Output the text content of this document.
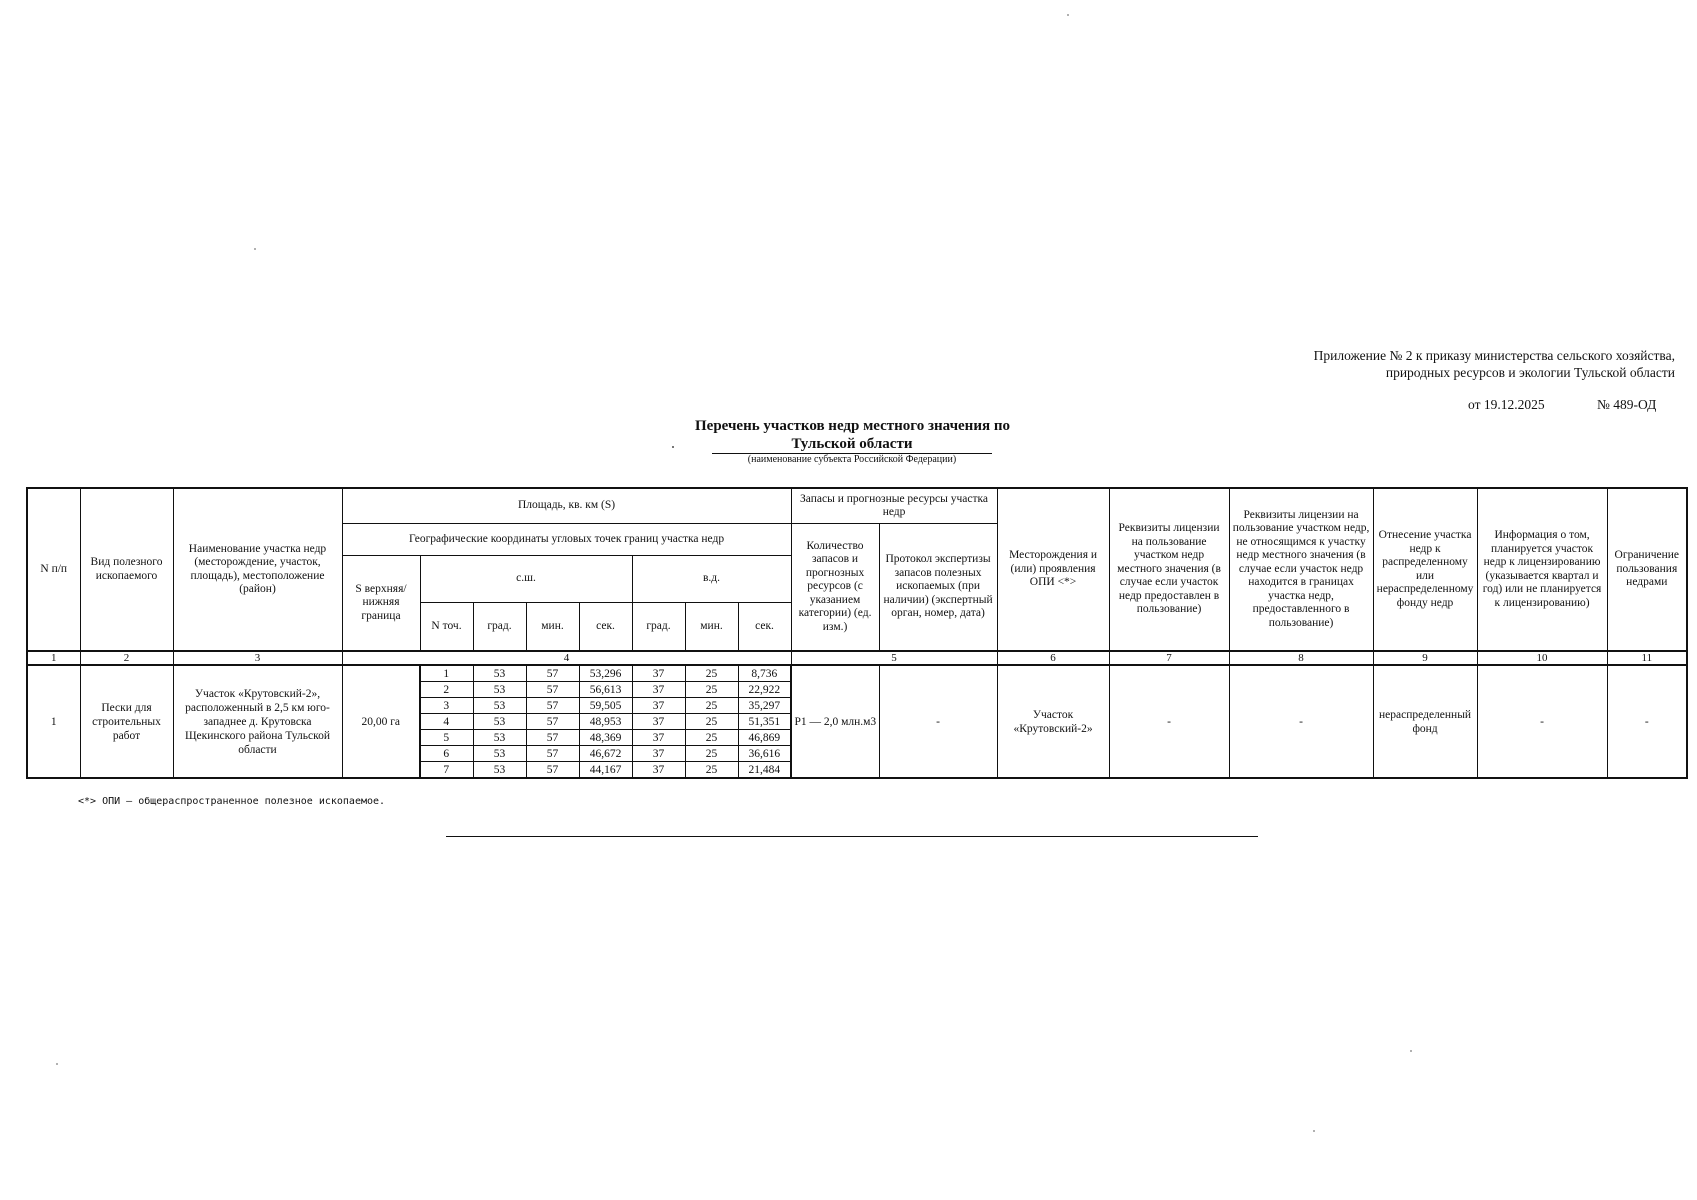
Приложение № 2 к приказу министерства сельского хозяйства,
природных ресурсов и экологии Тульской области
от 19.12.2025	№ 489-ОД
Перечень участков недр местного значения по
Тульской области
(наименование субъекта Российской Федерации)
N п/п	Вид полезного ископаемого	Наименование участка недр (месторождение, участок, площадь), местоположение (район)	Площадь, кв. км (S)								Запасы и прогнозные ресурсы участка недр		Месторождения и (или) проявления ОПИ <*>	Реквизиты лицензии на пользование участком недр местного значения (в случае если участок недр предоставлен в пользование)	Реквизиты лицензии на пользование участком недр, не относящимся к участку недр местного значения (в случае если участок недр находится в границах участка недр, предоставленного в пользование)	Отнесение участка недр к распределенному или нераспределенному фонду недр	Информация о том, планируется участок недр к лицензированию (указывается квартал и год) или не планируется к лицензированию)	Ограничение пользования недрами
			Географические координаты угловых точек границ участка недр								Количество запасов и прогнозных ресурсов (с указанием категории) (ед. изм.)	Протокол экспертизы запасов полезных ископаемых (при наличии) (экспертный орган, номер, дата)						
			S верхняя/ нижняя граница	с.ш.				в.д.										
				N точ.	град.	мин.	сек.	град.	мин.	сек.								
1	2	3	4								5		6	7	8	9	10	11
1	Пески для строительных работ	Участок «Крутовский-2», расположенный в 2,5 км юго-западнее д. Крутовска Щекинского района Тульской области	20,00 га	1	53	57	53,296	37	25	8,736	P1 — 2,0 млн.м3	-	Участок «Крутовский-2»	-	-	нераспределенный фонд	-	-
				2	53	57	56,613	37	25	22,922								
				3	53	57	59,505	37	25	35,297								
				4	53	57	48,953	37	25	51,351								
				5	53	57	48,369	37	25	46,869								
				6	53	57	46,672	37	25	36,616								
				7	53	57	44,167	37	25	21,484								
<*> ОПИ — общераспространенное полезное ископаемое.
